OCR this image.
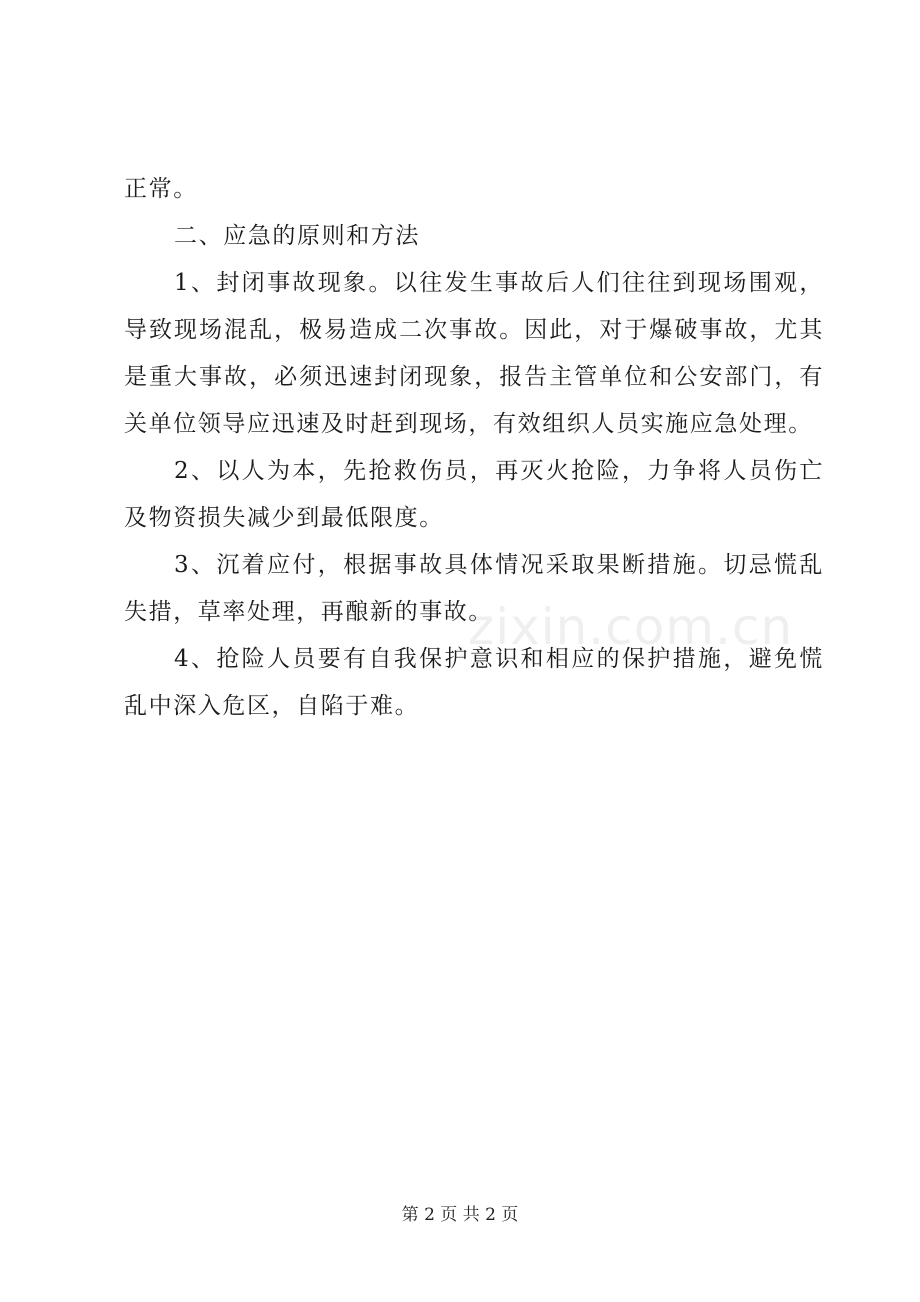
正常。

二、应急的原则和方法

1、封闭事故现象。以往发生事故后人们往往到现场围观，导致现场混乱，极易造成二次事故。因此，对于爆破事故，尤其是重大事故，必须迅速封闭现象，报告主管单位和公安部门，有关单位领导应迅速及时赶到现场，有效组织人员实施应急处理。

2、以人为本，先抢救伤员，再灭火抢险，力争将人员伤亡及物资损失减少到最低限度。

3、沉着应付，根据事故具体情况采取果断措施。切忌慌乱失措，草率处理，再酿新的事故。

4、抢险人员要有自我保护意识和相应的保护措施，避免慌乱中深入危区，自陷于难。

zixin.com.cn
第 2 页 共 2 页
